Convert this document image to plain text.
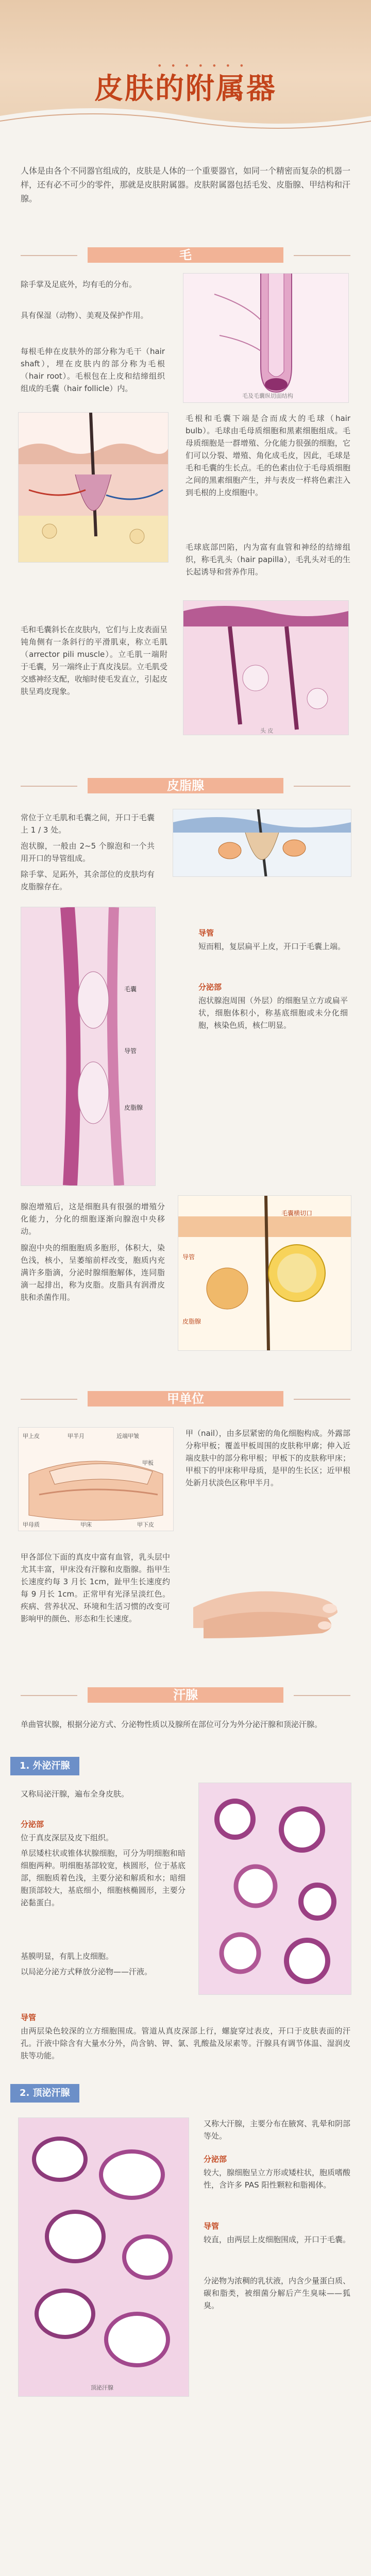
• • • • • • •
皮肤的附属器
人体是由各个不同器官组成的，皮肤是人体的一个重要器官，如同一个精密而复杂的机器一样，还有必不可少的零件，那就是皮肤附属器。皮肤附属器包括毛发、皮脂腺、甲结构和汗腺。
毛
除手掌及足底外，均有毛的分布。
具有保湿（动物）、美观及保护作用。
每根毛伸在皮肤外的部分称为毛干（hair shaft），埋在皮肤内的部分称为毛根（hair root）。毛根包在上皮和结缔组织组成的毛囊（hair follicle）内。
毛及毛囊纵切面结构
毛根和毛囊下端是合而成大的毛球（hair bulb）。毛球由毛母质细胞和黑素细胞组成。毛母质细胞是一群增殖、分化能力很强的细胞，它们可以分裂、增殖、角化成毛皮，因此，毛球是毛和毛囊的生长点。毛的色素由位于毛母质细胞之间的黑素细胞产生，并与表皮一样将色素注入到毛根的上皮细胞中。
毛球底部凹陷，内为富有血管和神经的结缔组织，称毛乳头（hair papilla），毛乳头对毛的生长起诱导和营养作用。
头 皮
毛和毛囊斜长在皮肤内，它们与上皮表面呈钝角侧有一条斜行的平滑肌束，称立毛肌（arrector pili muscle）。立毛肌一端附于毛囊，另一端终止于真皮浅层。立毛肌受交感神经支配，收缩时使毛发直立，引起皮肤呈鸡皮现象。
皮脂腺
常位于立毛肌和毛囊之间，开口于毛囊上 1 / 3 处。
泡状腺，一般由 2~5 个腺泡和一个共用开口的导管组成。
除手掌、足跖外，其余部位的皮肤均有皮脂腺存在。
毛囊
导管
皮脂腺
导管
短而粗，复层扁平上皮，开口于毛囊上端。
分泌部
泡状腺泡周围（外层）的细胞呈立方或扁平状，细胞体积小，称基底细胞或未分化细胞，核染色质，核仁明显。
腺泡增殖后，这是细胞具有很强的增殖分化能力，分化的细胞逐渐向腺泡中央移动。
腺泡中央的细胞胞质多胞形，体积大，染色浅，核小，呈萎缩前样改变，胞质内充满许多脂滴，分泌时腺细胞解体，连同脂滴一起排出，称为皮脂。皮脂具有润滑皮肤和杀菌作用。
毛囊横切口
导管
皮脂腺
甲单位
甲上皮	甲半月	近端甲皱
甲板
甲母质	甲床	甲下皮
甲（nail），由多层紧密的角化细胞构成。外露部分称甲板；覆盖甲板周围的皮肤称甲廓；伸入近端皮肤中的部分称甲根；甲板下的皮肤称甲床；甲根下的甲床称甲母质，是甲的生长区；近甲根处新月状淡色区称甲半月。
甲各部位下面的真皮中富有血管，乳头层中尤其丰富，甲床没有汗腺和皮脂腺。指甲生长速度约每 3 月长 1cm，趾甲生长速度约每 9 月长 1cm。正常甲有光泽呈淡红色。疾病、营养状况、环境和生活习惯的改变可影响甲的颜色、形态和生长速度。
汗腺
单曲管状腺，根据分泌方式、分泌物性质以及腺所在部位可分为外分泌汗腺和顶泌汗腺。
1. 外泌汗腺
又称局泌汗腺，遍布全身皮肤。
分泌部
位于真皮深层及皮下组织。
单层矮柱状或锥体状腺细胞，可分为明细胞和暗细胞两种。明细胞基部较宽，核圆形，位于基底部，细胞质着色浅，主要分泌和解质和水；暗细胞顶部较大，基底细小，细胞核椭圆形，主要分泌黏蛋白。
基膜明显，有肌上皮细胞。
以局泌分泌方式释放分泌物——汗液。
导管
由两层染色较深的立方细胞围成。管道从真皮深部上行，螺旋穿过表皮，开口于皮肤表面的汗孔。汗液中除含有大量水分外，尚含钠、钾、氯、乳酸盐及尿素等。汗腺具有调节体温、湿润皮肤等功能。
2. 顶泌汗腺
顶泌汗腺
又称大汗腺，主要分布在腋窝、乳晕和阴部等处。
分泌部
较大，腺细胞呈立方形或矮柱状，胞质嗜酸性，含许多 PAS 阳性颗粒和脂褐体。
导管
较直，由两层上皮细胞围成，开口于毛囊。
分泌物为浓稠的乳状液，内含少量蛋白质、碳和脂类，被细菌分解后产生臭味——狐臭。
